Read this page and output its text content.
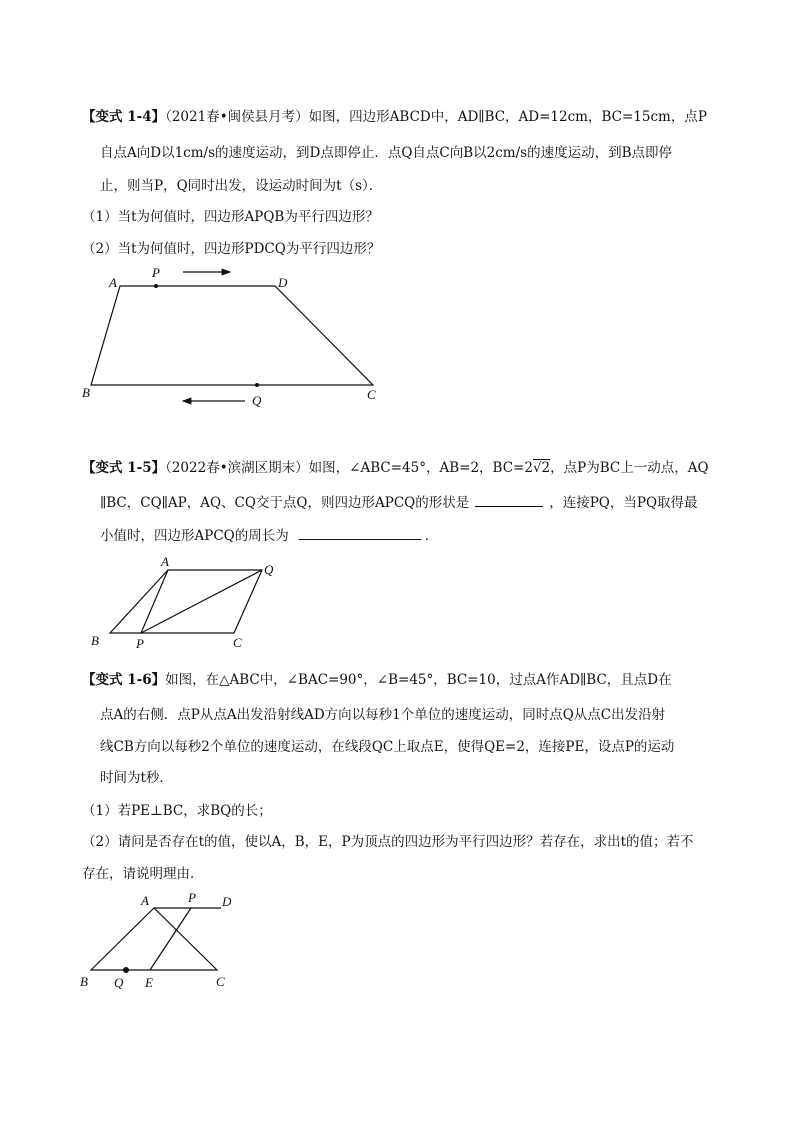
【变式 1-4】（2021春•闽侯县月考）如图，四边形ABCD中，AD∥BC，AD=12cm，BC=15cm，点P
自点A向D以1cm/s的速度运动，到D点即停止．点Q自点C向B以2cm/s的速度运动，到B点即停
止，则当P，Q同时出发，设运动时间为t（s）．
（1）当t为何值时，四边形APQB为平行四边形？
（2）当t为何值时，四边形PDCQ为平行四边形？
A
P
D
B
Q	C
【变式 1-5】（2022春•滨湖区期末）如图，∠ABC=45°，AB=2，BC=2√2，点P为BC上一动点，AQ
∥BC，CQ∥AP，AQ、CQ交于点Q，则四边形APCQ的形状是	，连接PQ，当PQ取得最
小值时，四边形APCQ的周长为	．
A
Q
B	P	C
【变式 1-6】如图，在△ABC中，∠BAC=90°，∠B=45°，BC=10，过点A作AD∥BC，且点D在
点A的右侧．点P从点A出发沿射线AD方向以每秒1个单位的速度运动，同时点Q从点C出发沿射
线CB方向以每秒2个单位的速度运动，在线段QC上取点E，使得QE=2，连接PE，设点P的运动
时间为t秒．
（1）若PE⊥BC，求BQ的长；
（2）请问是否存在t的值，使以A，B，E，P为顶点的四边形为平行四边形？若存在，求出t的值；若不
存在，请说明理由．
A	P D
B Q E	C
